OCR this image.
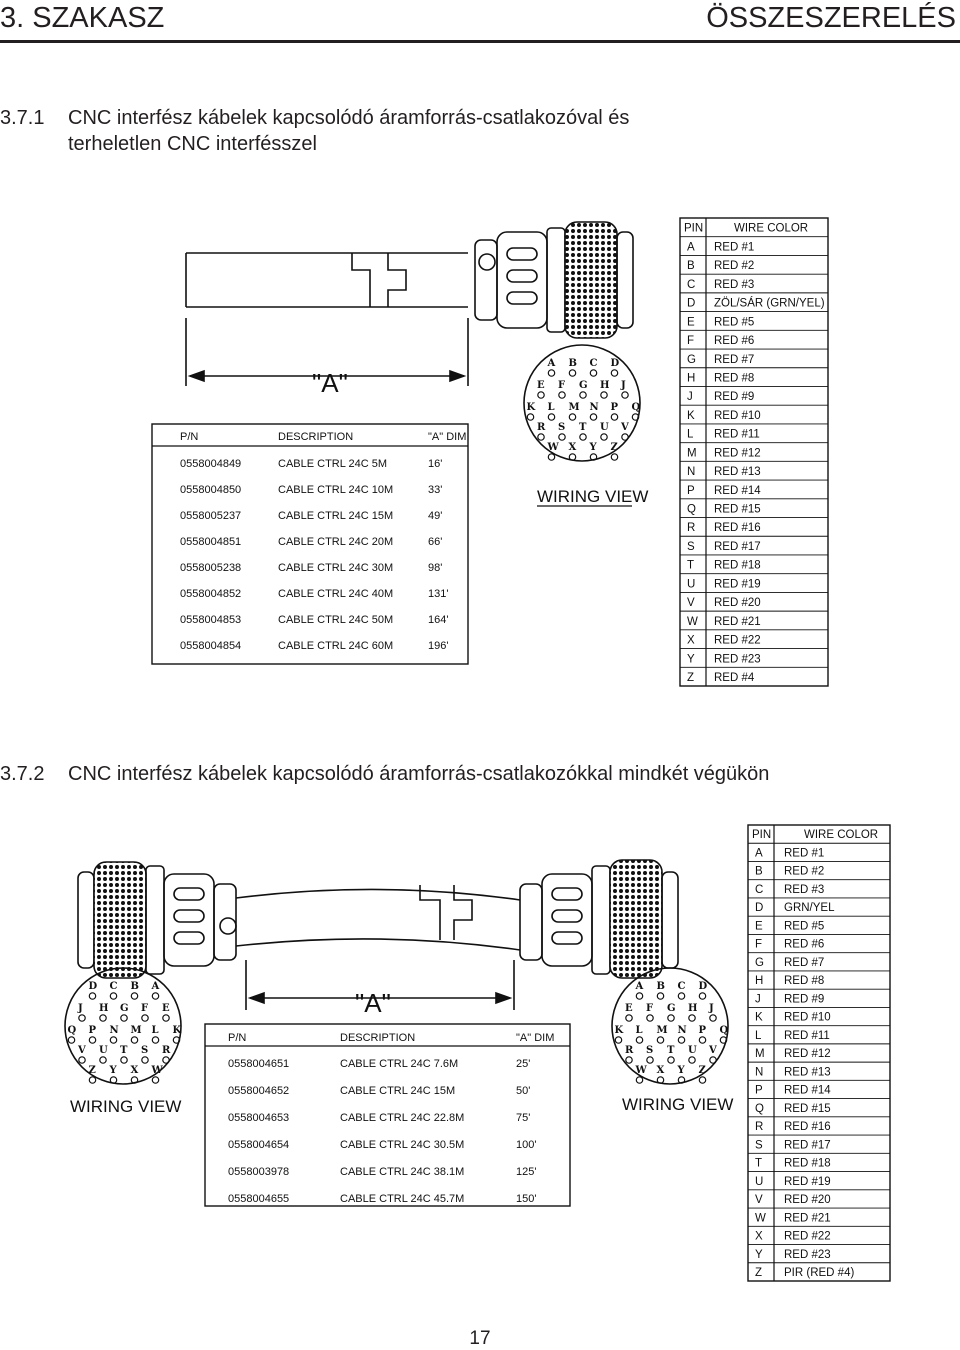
3. SZAKASZ	ÖSSZESZERELÉS
3.7.1 CNC interfész kábelek kapcsolódó áramforrás-csatlakozóval és
terheletlen CNC interfésszel
3.7.2 CNC interfész kábelek kapcsolódó áramforrás-csatlakozókkal mindkét végükön
"A"
P/N	DESCRIPTION	"A" DIM
0558004849	CABLE CTRL 24C 5M	16'
0558004850	CABLE CTRL 24C 10M	33'
0558005237	CABLE CTRL 24C 15M	49'
0558004851	CABLE CTRL 24C 20M	66'
0558005238	CABLE CTRL 24C 30M	98'
0558004852	CABLE CTRL 24C 40M	131'
0558004853	CABLE CTRL 24C 50M	164'
0558004854	CABLE CTRL 24C 60M	196'
A B C D
E F G H J
K L M N P Q
R S T U V
W X Y Z
WIRING VIEW
PIN	WIRE COLOR
A RED #1
B RED #2
C RED #3
D ZÖL/SÁR (GRN/YEL)
E RED #5
F RED #6
G RED #7
H RED #8
J RED #9
K RED #10
L RED #11
M RED #12
N RED #13
P RED #14
Q RED #15
R RED #16
S RED #17
T RED #18
U RED #19
V RED #20
W RED #21
X RED #22
Y RED #23
Z RED #4
"A"
P/N	DESCRIPTION	"A" DIM
0558004651	CABLE CTRL 24C 7.6M	25'
0558004652	CABLE CTRL 24C 15M	50'
0558004653	CABLE CTRL 24C 22.8M	75'
0558004654	CABLE CTRL 24C 30.5M	100'
0558003978	CABLE CTRL 24C 38.1M	125'
0558004655	CABLE CTRL 24C 45.7M	150'
D C B A
J H G F E
Q P N M L K
V U T S R
Z Y X W
WIRING VIEW
A B C D
E F G H J
K L M N P Q
R S T U V
W X Y Z
WIRING VIEW
PIN	WIRE COLOR
A RED #1
B RED #2
C RED #3
D GRN/YEL
E RED #5
F RED #6
G RED #7
H RED #8
J RED #9
K RED #10
L RED #11
M RED #12
N RED #13
P RED #14
Q RED #15
R RED #16
S RED #17
T RED #18
U RED #19
V RED #20
W RED #21
X RED #22
Y RED #23
Z PIR (RED #4)
17
